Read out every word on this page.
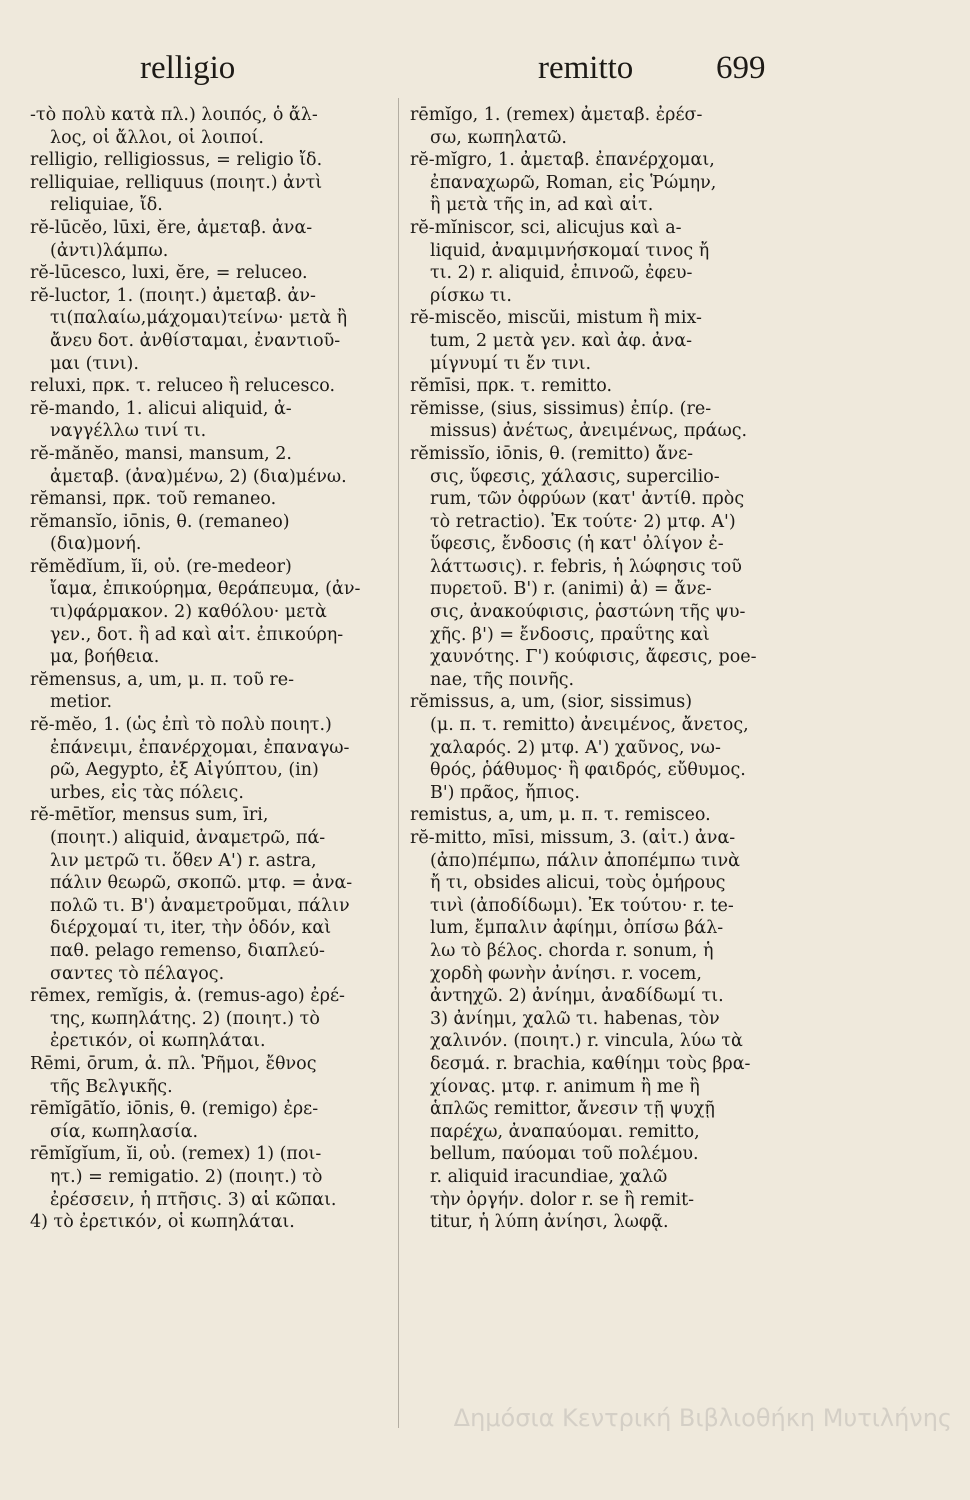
relligio	remitto	699
-τὸ πολὺ κατὰ πλ.) λοιπός, ὁ ἄλ-
λος, οἱ ἄλλοι, οἱ λοιποί.
relligio, relligiossus, = religio ἴδ.
relliquiae, relliquus (ποιητ.) ἀντὶ
reliquiae, ἴδ.
rĕ-lūcĕo, lūxi, ĕre, ἀμεταβ. ἀνα-
(ἀντι)λάμπω.
rĕ-lūcesco, luxi, ĕre, = reluceo.
rĕ-luctor, 1. (ποιητ.) ἀμεταβ. ἀν-
τι(παλαίω,μάχομαι)τείνω· μετὰ ἢ
ἄνευ δοτ. ἀνθίσταμαι, ἐναντιοῦ-
μαι (τινι).
reluxi, πρκ. τ. reluceo ἢ relucesco.
rĕ-mando, 1. alicui aliquid, ἀ-
ναγγέλλω τινί τι.
rĕ-mănĕo, mansi, mansum, 2.
ἀμεταβ. (ἀνα)μένω, 2) (δια)μένω.
rĕmansi, πρκ. τοῦ remaneo.
rĕmansĭo, iōnis, θ. (remaneo)
(δια)μονή.
rĕmĕdĭum, ĭi, οὐ. (re-medeor)
ἴαμα, ἐπικούρημα, θεράπευμα, (ἀν-
τι)φάρμακον. 2) καθόλου· μετὰ
γεν., δοτ. ἢ ad καὶ αἰτ. ἐπικούρη-
μα, βοήθεια.
rĕmensus, a, um, μ. π. τοῦ re-
metior.
rĕ-mĕo, 1. (ὡς ἐπὶ τὸ πολὺ ποιητ.)
ἐπάνειμι, ἐπανέρχομαι, ἐπαναγω-
ρῶ, Aegypto, ἐξ Αἰγύπτου, (in)
urbes, εἰς τὰς πόλεις.
rĕ-mētĭor, mensus sum, īri,
(ποιητ.) aliquid, ἀναμετρῶ, πά-
λιν μετρῶ τι. ὅθεν Α') r. astra,
πάλιν θεωρῶ, σκοπῶ. μτφ. = ἀνα-
πολῶ τι. Β') ἀναμετροῦμαι, πάλιν
διέρχομαί τι, iter, τὴν ὁδόν, καὶ
παθ. pelago remenso, διαπλεύ-
σαντες τὸ πέλαγος.
rēmex, remĭgis, ἀ. (remus-ago) ἐρέ-
της, κωπηλάτης. 2) (ποιητ.) τὸ
ἐρετικόν, οἱ κωπηλάται.
Rēmi, ōrum, ἀ. πλ. Ῥῆμοι, ἔθνος
τῆς Βελγικῆς.
rēmĭgātĭo, iōnis, θ. (remigo) ἐρε-
σία, κωπηλασία.
rēmĭgĭum, ĭi, οὐ. (remex) 1) (ποι-
ητ.) = remigatio. 2) (ποιητ.) τὸ
ἐρέσσειν, ἡ πτῆσις. 3) αἱ κῶπαι.
4) τὸ ἐρετικόν, οἱ κωπηλάται.
rēmĭgo, 1. (remex) ἀμεταβ. ἐρέσ-
σω, κωπηλατῶ.
rĕ-mĭgro, 1. ἀμεταβ. ἐπανέρχομαι,
ἐπαναχωρῶ, Roman, εἰς Ῥώμην,
ἢ μετὰ τῆς in, ad καὶ αἰτ.
rĕ-mĭniscor, sci, alicujus καὶ a-
liquid, ἀναμιμνήσκομαί τινος ἤ
τι. 2) r. aliquid, ἐπινοῶ, ἐφευ-
ρίσκω τι.
rĕ-miscĕo, miscŭi, mistum ἢ mix-
tum, 2 μετὰ γεν. καὶ ἀφ. ἀνα-
μίγνυμί τι ἔν τινι.
rĕmīsi, πρκ. τ. remitto.
rĕmisse, (sius, sissimus) ἐπίρ. (re-
missus) ἀνέτως, ἀνειμένως, πράως.
rĕmissĭo, iōnis, θ. (remitto) ἄνε-
σις, ὕφεσις, χάλασις, supercilio-
rum, τῶν ὀφρύων (κατ' ἀντίθ. πρὸς
τὸ retractio). Ἐκ τούτε· 2) μτφ. Α')
ὕφεσις, ἔνδοσις (ἡ κατ' ὀλίγον ἐ-
λάττωσις). r. febris, ἡ λώφησις τοῦ
πυρετοῦ. Β') r. (animi) ἀ) = ἄνε-
σις, ἀνακούφισις, ῥαστώνη τῆς ψυ-
χῆς. β') = ἔνδοσις, πραΰτης καὶ
χαυνότης. Γ') κούφισις, ἄφεσις, poe-
nae, τῆς ποινῆς.
rĕmissus, a, um, (sior, sissimus)
(μ. π. τ. remitto) ἀνειμένος, ἄνετος,
χαλαρός. 2) μτφ. Α') χαῦνος, νω-
θρός, ῥάθυμος· ἢ φαιδρός, εὔθυμος.
Β') πρᾶος, ἤπιος.
remistus, a, um, μ. π. τ. remisceo.
rĕ-mitto, mīsi, missum, 3. (αἰτ.) ἀνα-
(ἀπο)πέμπω, πάλιν ἀποπέμπω τινὰ
ἤ τι, obsides alicui, τοὺς ὁμήρους
τινὶ (ἀποδίδωμι). Ἐκ τούτου· r. te-
lum, ἔμπαλιν ἀφίημι, ὀπίσω βάλ-
λω τὸ βέλος. chorda r. sonum, ἡ
χορδὴ φωνὴν ἀνίησι. r. vocem,
ἀντηχῶ. 2) ἀνίημι, ἀναδίδωμί τι.
3) ἀνίημι, χαλῶ τι. habenas, τὸν
χαλινόν. (ποιητ.) r. vincula, λύω τὰ
δεσμά. r. brachia, καθίημι τοὺς βρα-
χίονας. μτφ. r. animum ἢ me ἢ
ἁπλῶς remittor, ἄνεσιν τῇ ψυχῇ
παρέχω, ἀναπαύομαι. remitto,
bellum, παύομαι τοῦ πολέμου.
r. aliquid iracundiae, χαλῶ
τὴν ὀργήν. dolor r. se ἢ remit-
titur, ἡ λύπη ἀνίησι, λωφᾷ.
Δημόσια Κεντρική Βιβλιοθήκη Μυτιλήνης
